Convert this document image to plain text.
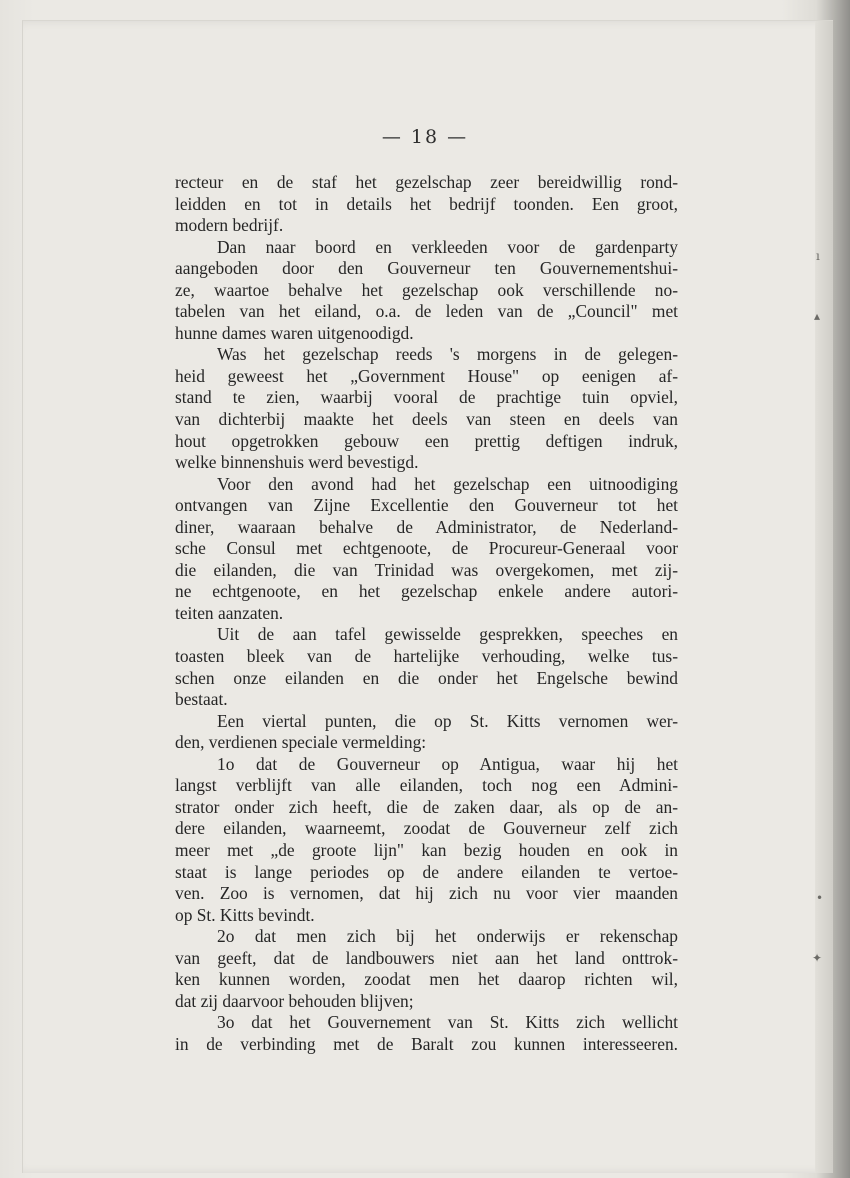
— 18 —
recteur en de staf het gezelschap zeer bereidwillig rond-
leidden en tot in details het bedrijf toonden. Een groot,
modern bedrijf.
Dan naar boord en verkleeden voor de gardenparty
aangeboden door den Gouverneur ten Gouvernementshui-
ze, waartoe behalve het gezelschap ook verschillende no-
tabelen van het eiland, o.a. de leden van de „Council" met
hunne dames waren uitgenoodigd.
Was het gezelschap reeds 's morgens in de gelegen-
heid geweest het „Government House" op eenigen af-
stand te zien, waarbij vooral de prachtige tuin opviel,
van dichterbij maakte het deels van steen en deels van
hout opgetrokken gebouw een prettig deftigen indruk,
welke binnenshuis werd bevestigd.
Voor den avond had het gezelschap een uitnoodiging
ontvangen van Zijne Excellentie den Gouverneur tot het
diner, waaraan behalve de Administrator, de Nederland-
sche Consul met echtgenoote, de Procureur-Generaal voor
die eilanden, die van Trinidad was overgekomen, met zij-
ne echtgenoote, en het gezelschap enkele andere autori-
teiten aanzaten.
Uit de aan tafel gewisselde gesprekken, speeches en
toasten bleek van de hartelijke verhouding, welke tus-
schen onze eilanden en die onder het Engelsche bewind
bestaat.
Een viertal punten, die op St. Kitts vernomen wer-
den, verdienen speciale vermelding:
1o dat de Gouverneur op Antigua, waar hij het
langst verblijft van alle eilanden, toch nog een Admini-
strator onder zich heeft, die de zaken daar, als op de an-
dere eilanden, waarneemt, zoodat de Gouverneur zelf zich
meer met „de groote lijn" kan bezig houden en ook in
staat is lange periodes op de andere eilanden te vertoe-
ven. Zoo is vernomen, dat hij zich nu voor vier maanden
op St. Kitts bevindt.
2o dat men zich bij het onderwijs er rekenschap
van geeft, dat de landbouwers niet aan het land onttrok-
ken kunnen worden, zoodat men het daarop richten wil,
dat zij daarvoor behouden blijven;
3o dat het Gouvernement van St. Kitts zich wellicht
in de verbinding met de Baralt zou kunnen interesseeren.
ı
▴
•
✦
